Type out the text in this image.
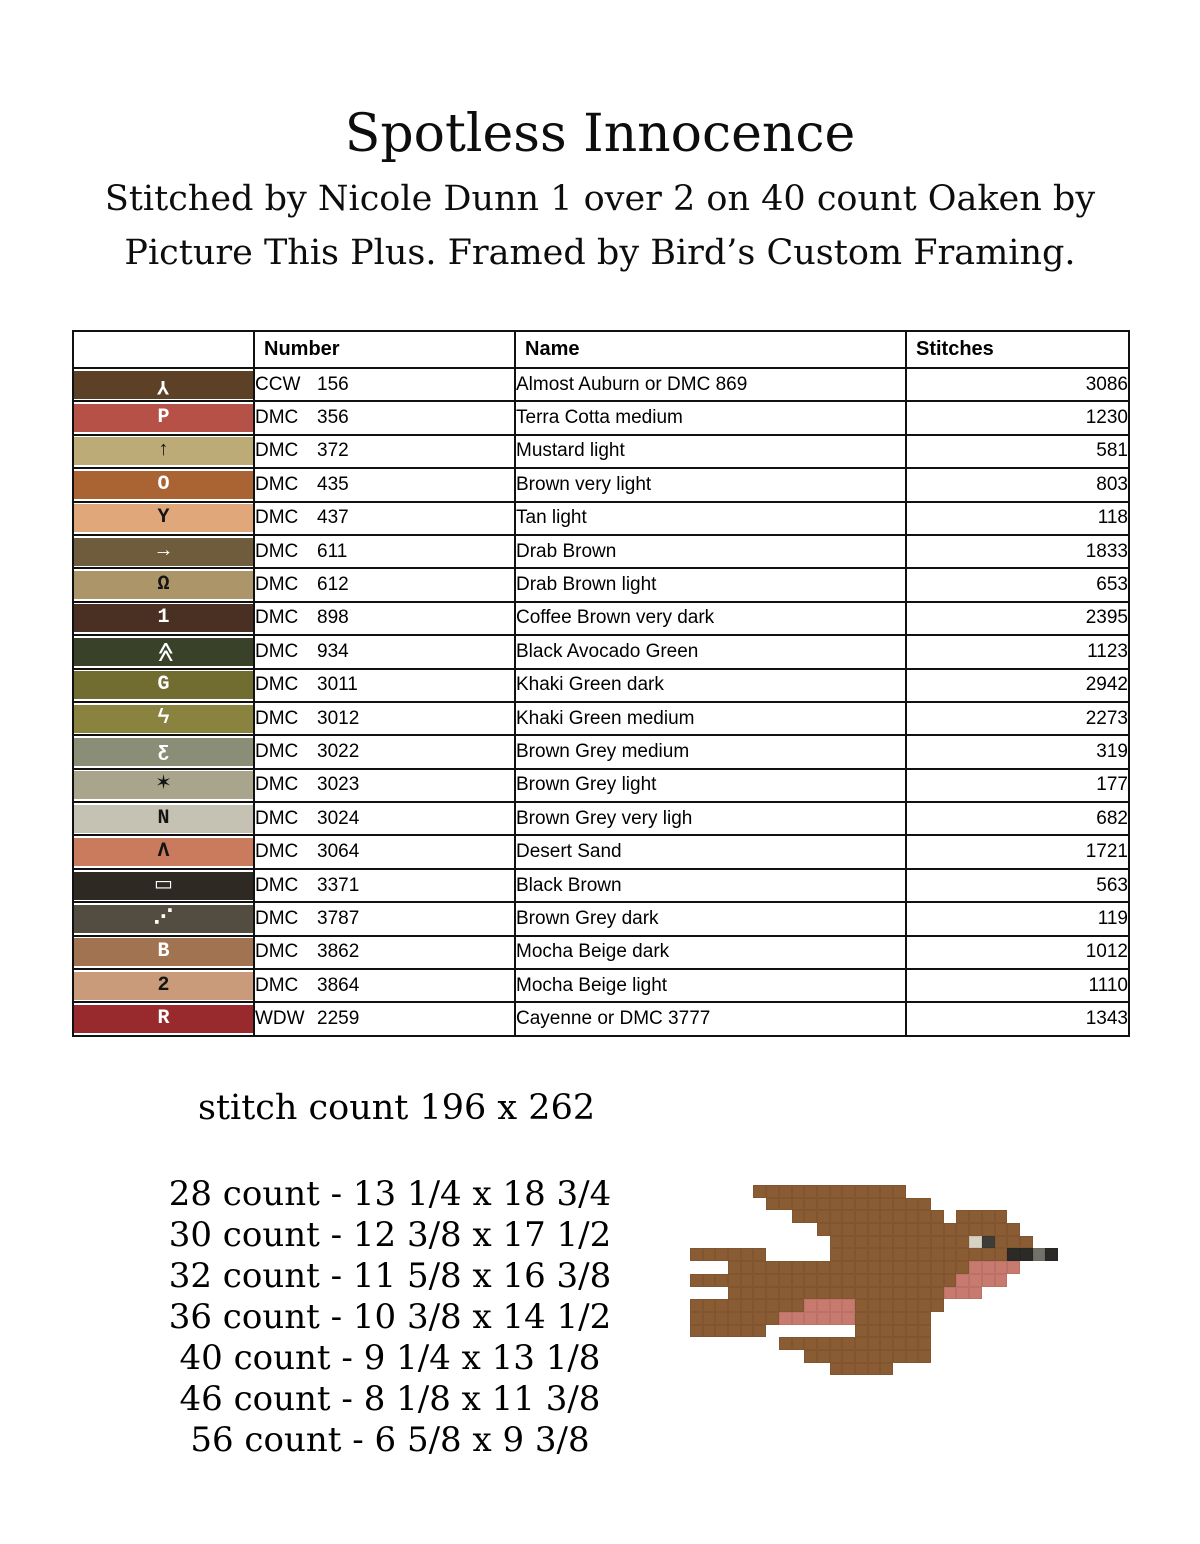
Spotless Innocence
Stitched by Nicole Dunn 1 over 2 on 40 count Oaken by
Picture This Plus. Framed by Bird’s Custom Framing.
	Number	Name	Stitches

Y	CCW 156	Almost Auburn or DMC 869	3086

P	DMC 356	Terra Cotta medium	1230

↑	DMC 372	Mustard light	581

O	DMC 435	Brown very light	803

Y	DMC 437	Tan light	118

→	DMC 611	Drab Brown	1833

Ω	DMC 612	Drab Brown light	653

1	DMC 898	Coffee Brown very dark	2395

≪	DMC 934	Black Avocado Green	1123

G	DMC 3011	Khaki Green dark	2942

ϟ	DMC 3012	Khaki Green medium	2273

ƹ	DMC 3022	Brown Grey medium	319

✶	DMC 3023	Brown Grey light	177

N	DMC 3024	Brown Grey very ligh	682

Λ	DMC 3064	Desert Sand	1721

▭	DMC 3371	Black Brown	563

⋰	DMC 3787	Brown Grey dark	119

B	DMC 3862	Mocha Beige dark	1012

2	DMC 3864	Mocha Beige light	1110

R	WDW 2259	Cayenne or DMC 3777	1343
stitch count 196 x 262
28 count - 13 1/4 x 18 3/4
30 count - 12 3/8 x 17 1/2
32 count - 11 5/8 x 16 3/8
36 count - 10 3/8 x 14 1/2
40 count - 9 1/4 x 13 1/8
46 count - 8 1/8 x 11 3/8
56 count - 6 5/8 x 9 3/8
